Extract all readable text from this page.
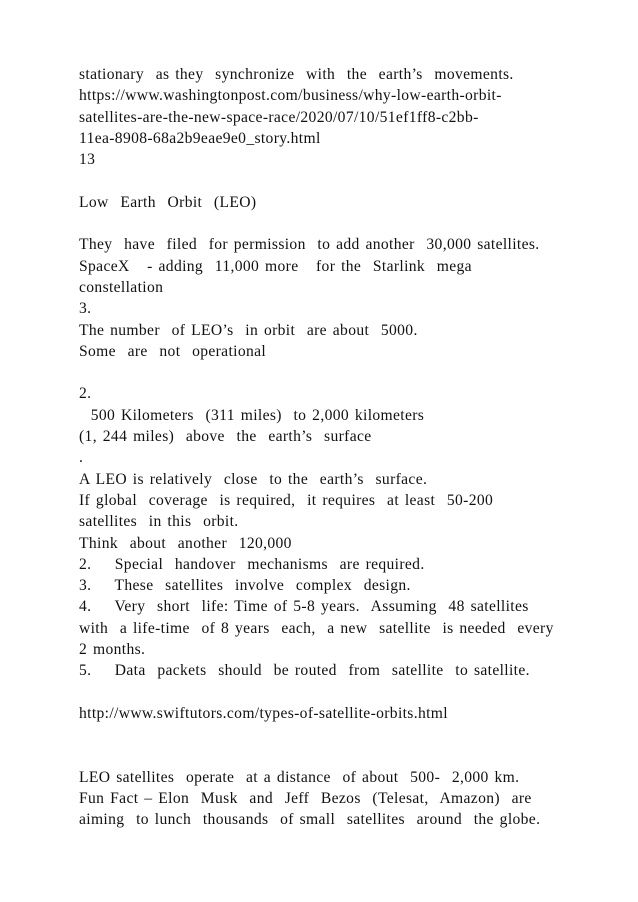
stationary  as they  synchronize  with  the  earth’s  movements.
https://www.washingtonpost.com/business/why-low-earth-orbit-
satellites-are-the-new-space-race/2020/07/10/51ef1ff8-c2bb-
11ea-8908-68a2b9eae9e0_story.html
13
Low  Earth  Orbit  (LEO)
They  have  filed  for permission  to add another  30,000 satellites.
SpaceX   - adding  11,000 more   for the  Starlink  mega
constellation
3.
The number  of LEO’s  in orbit  are about  5000.
Some  are  not  operational
2.
500 Kilometers  (311 miles)  to 2,000 kilometers
(1, 244 miles)  above  the  earth’s  surface
.
A LEO is relatively  close  to the  earth’s  surface.
If global  coverage  is required,  it requires  at least  50-200
satellites  in this  orbit.
Think  about  another  120,000
2.    Special  handover  mechanisms  are required.
3.    These  satellites  involve  complex  design.
4.    Very  short  life: Time of 5-8 years.  Assuming  48 satellites
with  a life-time  of 8 years  each,  a new  satellite  is needed  every
2 months.
5.    Data  packets  should  be routed  from  satellite  to satellite.
http://www.swiftutors.com/types-of-satellite-orbits.html
LEO satellites  operate  at a distance  of about  500-  2,000 km.
Fun Fact – Elon  Musk  and  Jeff  Bezos  (Telesat,  Amazon)  are
aiming  to lunch  thousands  of small  satellites  around  the globe.
